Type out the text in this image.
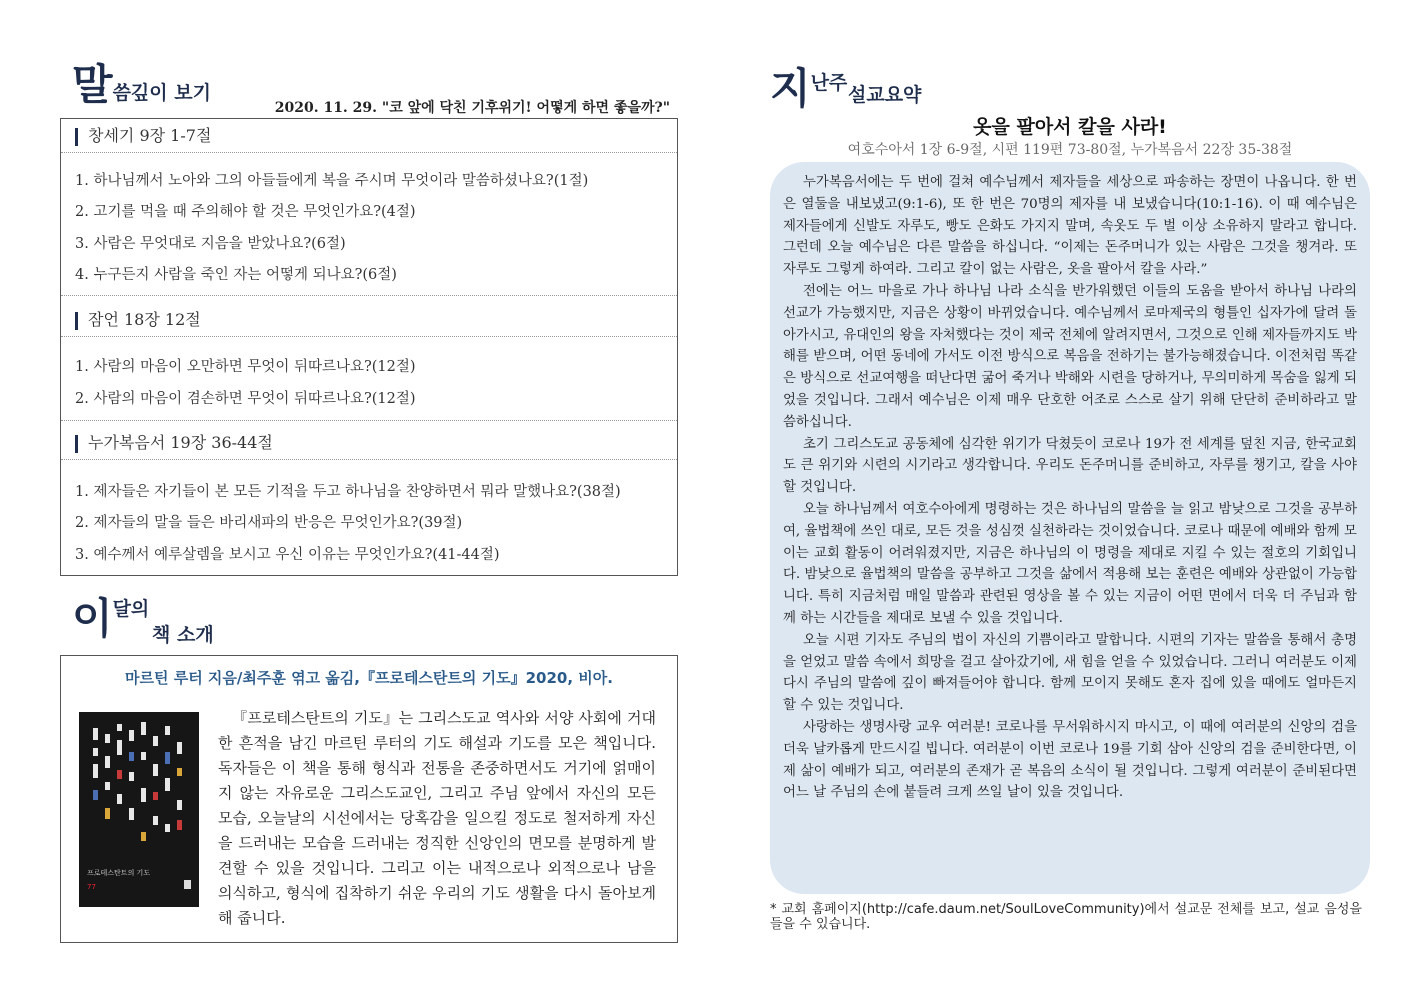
말씀깊이 보기
2020. 11. 29. "코 앞에 닥친 기후위기! 어떻게 하면 좋을까?"
창세기 9장 1-7절
1. 하나님께서 노아와 그의 아들들에게 복을 주시며 무엇이라 말씀하셨나요?(1절)
2. 고기를 먹을 때 주의해야 할 것은 무엇인가요?(4절)
3. 사람은 무엇대로 지음을 받았나요?(6절)
4. 누구든지 사람을 죽인 자는 어떻게 되나요?(6절)
잠언 18장 12절
1. 사람의 마음이 오만하면 무엇이 뒤따르나요?(12절)
2. 사람의 마음이 겸손하면 무엇이 뒤따르나요?(12절)
누가복음서 19장 36-44절
1. 제자들은 자기들이 본 모든 기적을 두고 하나님을 찬양하면서 뭐라 말했나요?(38절)
2. 제자들의 말을 들은 바리새파의 반응은 무엇인가요?(39절)
3. 예수께서 예루살렘을 보시고 우신 이유는 무엇인가요?(41-44절)
이달의
책 소개
마르틴 루터 지음/최주훈 엮고 옮김,『프로테스탄트의 기도』2020, 비아.
프로테스탄트의 기도
77
『프로테스탄트의 기도』는 그리스도교 역사와 서양 사회에 거대한 흔적을 남긴 마르틴 루터의 기도 해설과 기도를 모은 책입니다. 독자들은 이 책을 통해 형식과 전통을 존중하면서도 거기에 얽매이지 않는 자유로운 그리스도교인, 그리고 주님 앞에서 자신의 모든 모습, 오늘날의 시선에서는 당혹감을 일으킬 정도로 철저하게 자신을 드러내는 모습을 드러내는 정직한 신앙인의 면모를 분명하게 발견할 수 있을 것입니다. 그리고 이는 내적으로나 외적으로나 남을 의식하고, 형식에 집착하기 쉬운 우리의 기도 생활을 다시 돌아보게 해 줍니다.
지난주
설교요약
옷을 팔아서 칼을 사라!
여호수아서 1장 6-9절, 시편 119편 73-80절, 누가복음서 22장 35-38절

누가복음서에는 두 번에 걸쳐 예수님께서 제자들을 세상으로 파송하는 장면이 나옵니다. 한 번은 열둘을 내보냈고(9:1-6), 또 한 번은 70명의 제자를 내 보냈습니다(10:1-16). 이 때 예수님은 제자들에게 신발도 자루도, 빵도 은화도 가지지 말며, 속옷도 두 벌 이상 소유하지 말라고 합니다. 그런데 오늘 예수님은 다른 말씀을 하십니다. “이제는 돈주머니가 있는 사람은 그것을 챙겨라. 또 자루도 그렇게 하여라. 그리고 칼이 없는 사람은, 옷을 팔아서 칼을 사라.”

전에는 어느 마을로 가나 하나님 나라 소식을 반가워했던 이들의 도움을 받아서 하나님 나라의 선교가 가능했지만, 지금은 상황이 바뀌었습니다. 예수님께서 로마제국의 형틀인 십자가에 달려 돌아가시고, 유대인의 왕을 자처했다는 것이 제국 전체에 알려지면서, 그것으로 인해 제자들까지도 박해를 받으며, 어떤 동네에 가서도 이전 방식으로 복음을 전하기는 불가능해졌습니다. 이전처럼 똑같은 방식으로 선교여행을 떠난다면 굶어 죽거나 박해와 시련을 당하거나, 무의미하게 목숨을 잃게 되었을 것입니다. 그래서 예수님은 이제 매우 단호한 어조로 스스로 살기 위해 단단히 준비하라고 말씀하십니다.

초기 그리스도교 공동체에 심각한 위기가 닥쳤듯이 코로나 19가 전 세계를 덮친 지금, 한국교회도 큰 위기와 시련의 시기라고 생각합니다. 우리도 돈주머니를 준비하고, 자루를 챙기고, 칼을 사야 할 것입니다.

오늘 하나님께서 여호수아에게 명령하는 것은 하나님의 말씀을 늘 읽고 밤낮으로 그것을 공부하여, 율법책에 쓰인 대로, 모든 것을 성심껏 실천하라는 것이었습니다. 코로나 때문에 예배와 함께 모이는 교회 활동이 어려워졌지만, 지금은 하나님의 이 명령을 제대로 지킬 수 있는 절호의 기회입니다. 밤낮으로 율법책의 말씀을 공부하고 그것을 삶에서 적용해 보는 훈련은 예배와 상관없이 가능합니다. 특히 지금처럼 매일 말씀과 관련된 영상을 볼 수 있는 지금이 어떤 면에서 더욱 더 주님과 함께 하는 시간들을 제대로 보낼 수 있을 것입니다.

오늘 시편 기자도 주님의 법이 자신의 기쁨이라고 말합니다. 시편의 기자는 말씀을 통해서 총명을 얻었고 말씀 속에서 희망을 걸고 살아갔기에, 새 힘을 얻을 수 있었습니다. 그러니 여러분도 이제 다시 주님의 말씀에 깊이 빠져들어야 합니다. 함께 모이지 못해도 혼자 집에 있을 때에도 얼마든지 할 수 있는 것입니다.

사랑하는 생명사랑 교우 여러분! 코로나를 무서워하시지 마시고, 이 때에 여러분의 신앙의 검을 더욱 날카롭게 만드시길 빕니다. 여러분이 이번 코로나 19를 기회 삼아 신앙의 검을 준비한다면, 이제 삶이 예배가 되고, 여러분의 존재가 곧 복음의 소식이 될 것입니다. 그렇게 여러분이 준비된다면 어느 날 주님의 손에 붙들려 크게 쓰일 날이 있을 것입니다.

* 교회 홈페이지(http://cafe.daum.net/SoulLoveCommunity)에서 설교문 전체를 보고, 설교 음성을 들을 수 있습니다.
